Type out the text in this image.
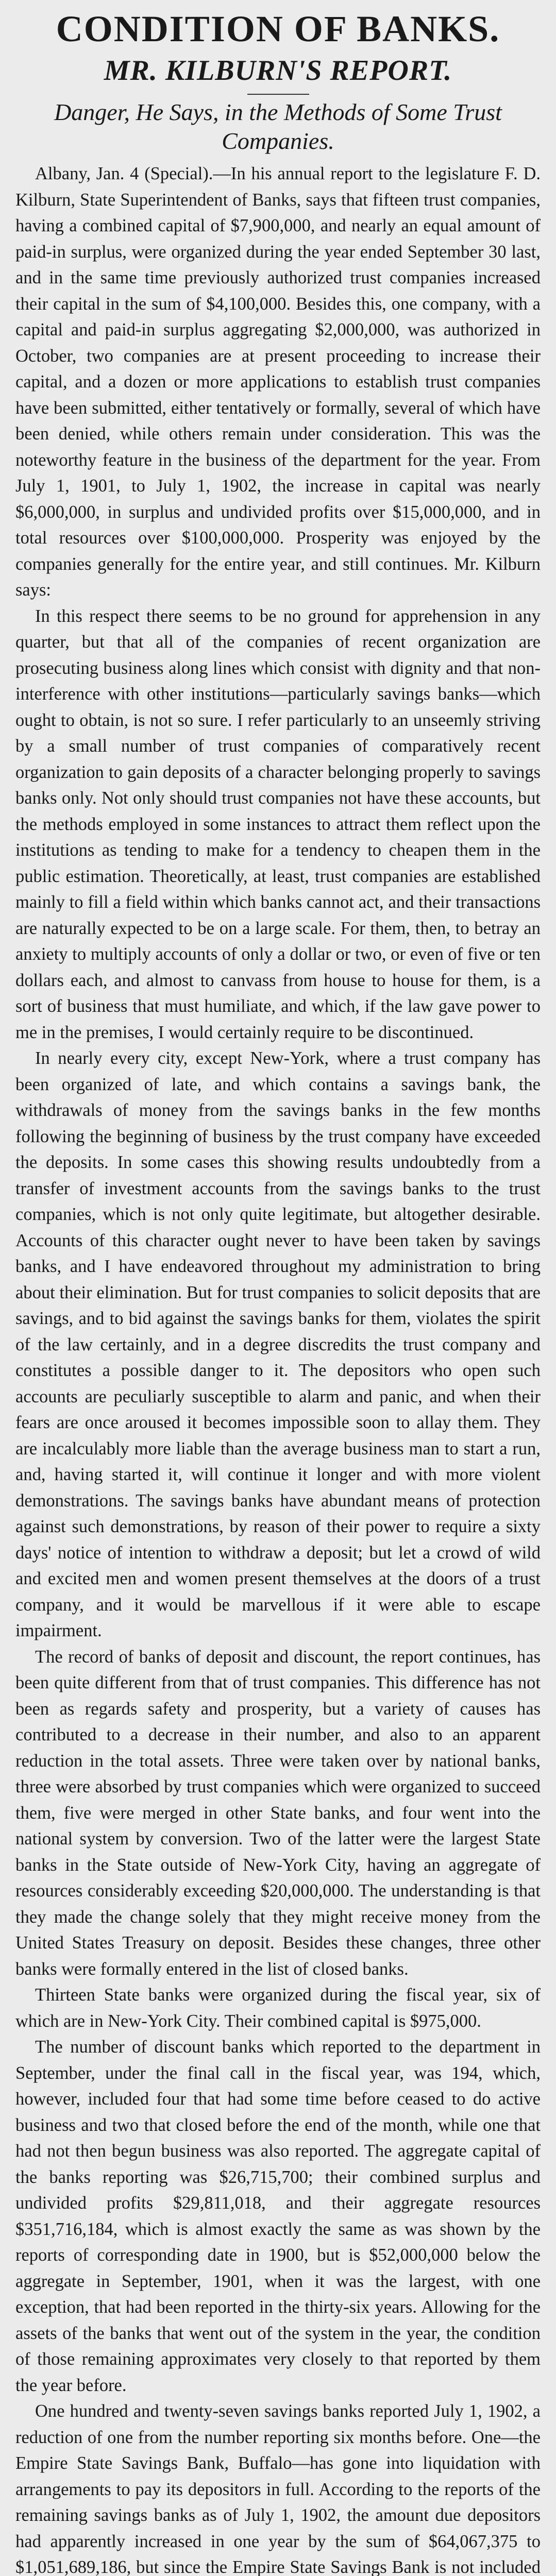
CONDITION OF BANKS.
MR. KILBURN'S REPORT.
Danger, He Says, in the Methods of Some Trust Companies.

Albany, Jan. 4 (Special).—In his annual report to the legislature F. D. Kilburn, State Superintendent of Banks, says that fifteen trust companies, having a combined capital of $7,900,000, and nearly an equal amount of paid-in surplus, were organized during the year ended September 30 last, and in the same time previously authorized trust companies increased their capital in the sum of $4,100,000. Besides this, one company, with a capital and paid-in surplus aggregating $2,000,000, was authorized in October, two companies are at present proceeding to increase their capital, and a dozen or more applications to establish trust companies have been submitted, either tentatively or formally, several of which have been denied, while others remain under consideration. This was the noteworthy feature in the business of the department for the year. From July 1, 1901, to July 1, 1902, the increase in capital was nearly $6,000,000, in surplus and undivided profits over $15,000,000, and in total resources over $100,000,000. Prosperity was enjoyed by the companies generally for the entire year, and still continues. Mr. Kilburn says:

In this respect there seems to be no ground for apprehension in any quarter, but that all of the companies of recent organization are prosecuting business along lines which consist with dignity and that non-interference with other institutions—particularly savings banks—which ought to obtain, is not so sure. I refer particularly to an unseemly striving by a small number of trust companies of comparatively recent organization to gain deposits of a character belonging properly to savings banks only. Not only should trust companies not have these accounts, but the methods employed in some instances to attract them reflect upon the institutions as tending to make for a tendency to cheapen them in the public estimation. Theoretically, at least, trust companies are established mainly to fill a field within which banks cannot act, and their transactions are naturally expected to be on a large scale. For them, then, to betray an anxiety to multiply accounts of only a dollar or two, or even of five or ten dollars each, and almost to canvass from house to house for them, is a sort of business that must humiliate, and which, if the law gave power to me in the premises, I would certainly require to be discontinued.

In nearly every city, except New-York, where a trust company has been organized of late, and which contains a savings bank, the withdrawals of money from the savings banks in the few months following the beginning of business by the trust company have exceeded the deposits. In some cases this showing results undoubtedly from a transfer of investment accounts from the savings banks to the trust companies, which is not only quite legitimate, but altogether desirable. Accounts of this character ought never to have been taken by savings banks, and I have endeavored throughout my administration to bring about their elimination. But for trust companies to solicit deposits that are savings, and to bid against the savings banks for them, violates the spirit of the law certainly, and in a degree discredits the trust company and constitutes a possible danger to it. The depositors who open such accounts are peculiarly susceptible to alarm and panic, and when their fears are once aroused it becomes impossible soon to allay them. They are incalculably more liable than the average business man to start a run, and, having started it, will continue it longer and with more violent demonstrations. The savings banks have abundant means of protection against such demonstrations, by reason of their power to require a sixty days' notice of intention to withdraw a deposit; but let a crowd of wild and excited men and women present themselves at the doors of a trust company, and it would be marvellous if it were able to escape impairment.

The record of banks of deposit and discount, the report continues, has been quite different from that of trust companies. This difference has not been as regards safety and prosperity, but a variety of causes has contributed to a decrease in their number, and also to an apparent reduction in the total assets. Three were taken over by national banks, three were absorbed by trust companies which were organized to succeed them, five were merged in other State banks, and four went into the national system by conversion. Two of the latter were the largest State banks in the State outside of New-York City, having an aggregate of resources considerably exceeding $20,000,000. The understanding is that they made the change solely that they might receive money from the United States Treasury on deposit. Besides these changes, three other banks were formally entered in the list of closed banks.

Thirteen State banks were organized during the fiscal year, six of which are in New-York City. Their combined capital is $975,000.

The number of discount banks which reported to the department in September, under the final call in the fiscal year, was 194, which, however, included four that had some time before ceased to do active business and two that closed before the end of the month, while one that had not then begun business was also reported. The aggregate capital of the banks reporting was $26,715,700; their combined surplus and undivided profits $29,811,018, and their aggregate resources $351,716,184, which is almost exactly the same as was shown by the reports of corresponding date in 1900, but is $52,000,000 below the aggregate in September, 1901, when it was the largest, with one exception, that had been reported in the thirty-six years. Allowing for the assets of the banks that went out of the system in the year, the condition of those remaining approximates very closely to that reported by them the year before.

One hundred and twenty-seven savings banks reported July 1, 1902, a reduction of one from the number reporting six months before. One—the Empire State Savings Bank, Buffalo—has gone into liquidation with arrangements to pay its depositors in full. According to the reports of the remaining savings banks as of July 1, 1902, the amount due depositors had apparently increased in one year by the sum of $64,067,375 to $1,051,689,186, but since the Empire State Savings Bank is not included
